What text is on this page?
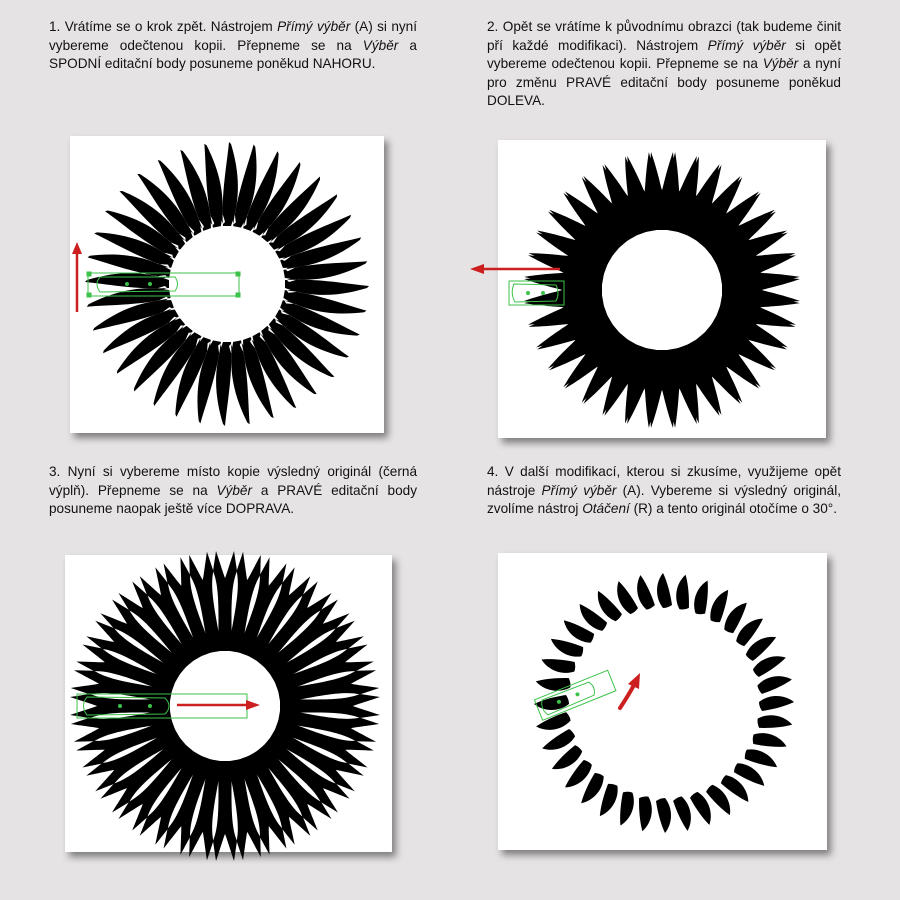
1. Vrátíme se o krok zpět. Nástrojem Přímý výběr (A) si nyní vybereme odečtenou kopii. Přepneme se na Výběr a SPODNÍ editační body posuneme poněkud NAHORU.

2. Opět se vrátíme k původnímu obrazci (tak budeme činit pří každé modifikaci). Nástrojem Přímý výběr si opět vybereme odečtenou kopii. Přepneme se na Výběr a nyní pro změnu PRAVÉ editační body posuneme poněkud DOLEVA.

3. Nyní si vybereme místo kopie výsledný originál (černá výplň). Přepneme se na Výběr a PRAVÉ editační body posuneme naopak ještě více DOPRAVA.

4. V další modifikací, kterou si zkusíme, využijeme opět nástroje Přímý výběr (A). Vybereme si výsledný originál, zvolíme nástroj Otáčení (R) a tento originál otočíme o 30°.
